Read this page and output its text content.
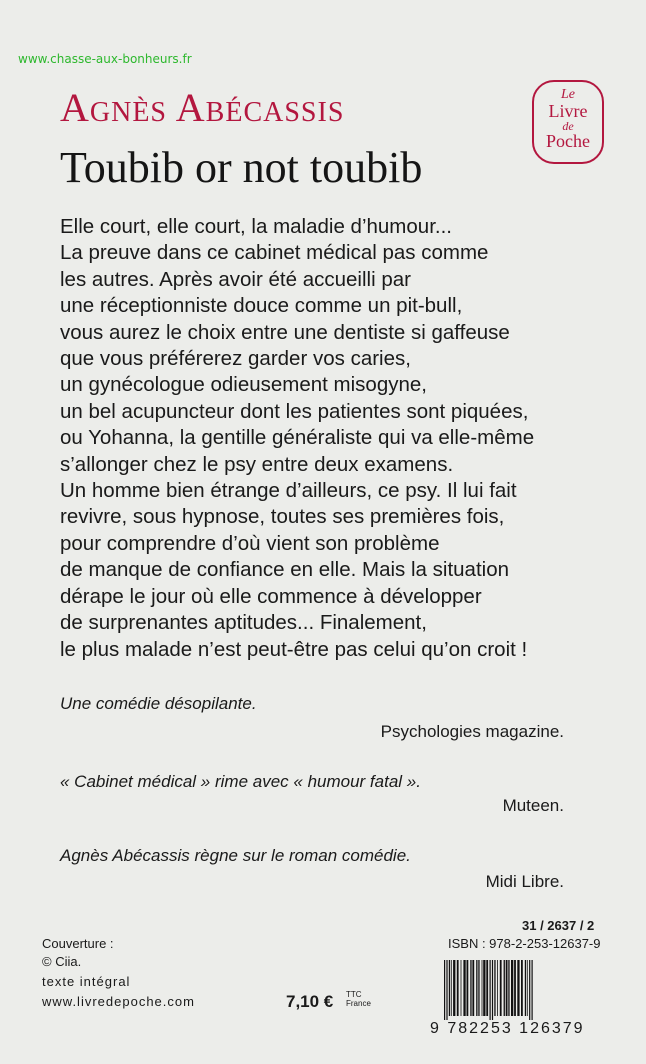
www.chasse-aux-bonheurs.fr
Agnès Abécassis
Toubib or not toubib
Le
Livre
de
Poche
Elle court, elle court, la maladie d’humour...
La preuve dans ce cabinet médical pas comme
les autres. Après avoir été accueilli par
une réceptionniste douce comme un pit-bull,
vous aurez le choix entre une dentiste si gaffeuse
que vous préférerez garder vos caries,
un gynécologue odieusement misogyne,
un bel acupuncteur dont les patientes sont piquées,
ou Yohanna, la gentille généraliste qui va elle-même
s’allonger chez le psy entre deux examens.
Un homme bien étrange d’ailleurs, ce psy. Il lui fait
revivre, sous hypnose, toutes ses premières fois,
pour comprendre d’où vient son problème
de manque de confiance en elle. Mais la situation
dérape le jour où elle commence à développer
de surprenantes aptitudes... Finalement,
le plus malade n’est peut-être pas celui qu’on croit !
Une comédie désopilante.
Psychologies magazine.
« Cabinet médical » rime avec « humour fatal ».
Muteen.
Agnès Abécassis règne sur le roman comédie.
Midi Libre.
Couverture :
© Ciia.
texte intégral
www.livredepoche.com	7,10 € TTC
France
31 / 2637 / 2
ISBN : 978-2-253-12637-9
9 782253 126379
